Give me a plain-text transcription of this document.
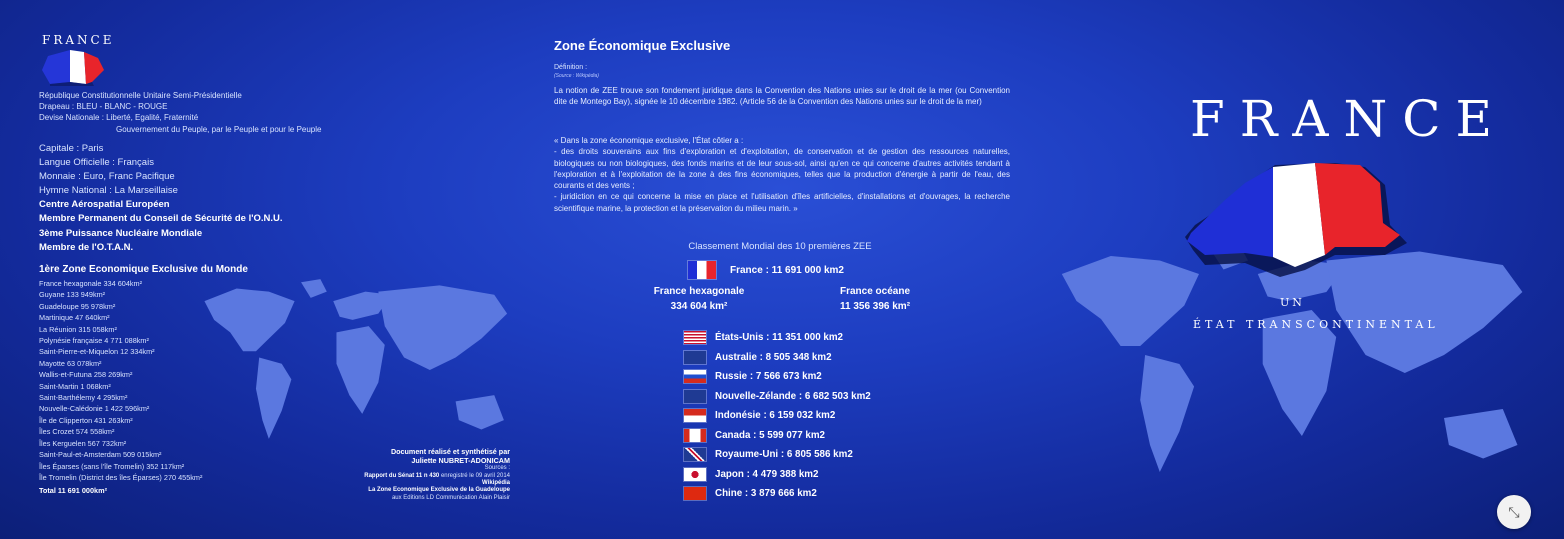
FRANCE
République Constitutionnelle Unitaire Semi-Présidentielle
Drapeau : BLEU - BLANC - ROUGE
Devise Nationale : Liberté, Egalité, Fraternité
Gouvernement du Peuple, par le Peuple et pour le Peuple
Capitale : Paris
Langue Officielle : Français
Monnaie : Euro, Franc Pacifique
Hymne National : La Marseillaise
Centre Aérospatial Européen
Membre Permanent du Conseil de Sécurité de l'O.N.U.
3ème Puissance Nucléaire Mondiale
Membre de l'O.T.A.N.
1ère Zone Economique Exclusive du Monde
France hexagonale 334 604km²
Guyane 133 949km²
Guadeloupe 95 978km²
Martinique 47 640km²
La Réunion 315 058km²
Polynésie française 4 771 088km²
Saint-Pierre-et-Miquelon 12 334km²
Mayotte 63 078km²
Wallis-et-Futuna 258 269km²
Saint-Martin 1 068km²
Saint-Barthélemy 4 295km²
Nouvelle-Calédonie 1 422 596km²
Île de Clipperton 431 263km²
Îles Crozet 574 558km²
Îles Kerguelen 567 732km²
Saint-Paul-et-Amsterdam 509 015km²
Îles Éparses (sans l'île Tromelin) 352 117km²
Île Tromelin (District des îles Éparses) 270 455km²
Total 11 691 000km²
Document réalisé et synthétisé par
Juliette NUBRET-ADONICAM
Sources :
Rapport du Sénat 11 n 430 enregistré le 09 avril 2014
Wikipédia
La Zone Economique Exclusive de la Guadeloupe
aux Editions LD Communication Alain Plaisir
Zone Économique Exclusive
Définition :
(Source : Wikipédia)
La notion de ZEE trouve son fondement juridique dans la Convention des Nations unies sur le droit de la mer (ou Convention dite de Montego Bay), signée le 10 décembre 1982. (Article 56 de la Convention des Nations unies sur le droit de la mer)
« Dans la zone économique exclusive, l'État côtier a :
- des droits souverains aux fins d'exploration et d'exploitation, de conservation et de gestion des ressources naturelles, biologiques ou non biologiques, des fonds marins et de leur sous-sol, ainsi qu'en ce qui concerne d'autres activités tendant à l'exploration et à l'exploitation de la zone à des fins économiques, telles que la production d'énergie à partir de l'eau, des courants et des vents ;
- juridiction en ce qui concerne la mise en place et l'utilisation d'îles artificielles, d'installations et d'ouvrages, la recherche scientifique marine, la protection et la préservation du milieu marin. »
Classement Mondial des 10 premières ZEE
France : 11 691 000 km2
France hexagonale
334 604 km²
France océane
11 356 396 km²
États-Unis : 11 351 000 km2
Australie : 8 505 348 km2
Russie : 7 566 673 km2
Nouvelle-Zélande : 6 682 503 km2
Indonésie : 6 159 032 km2
Canada : 5 599 077 km2
Royaume-Uni : 6 805 586 km2
Japon : 4 479 388 km2
Chine : 3 879 666 km2
FRANCE
UN
ÉTAT TRANSCONTINENTAL
⤡
